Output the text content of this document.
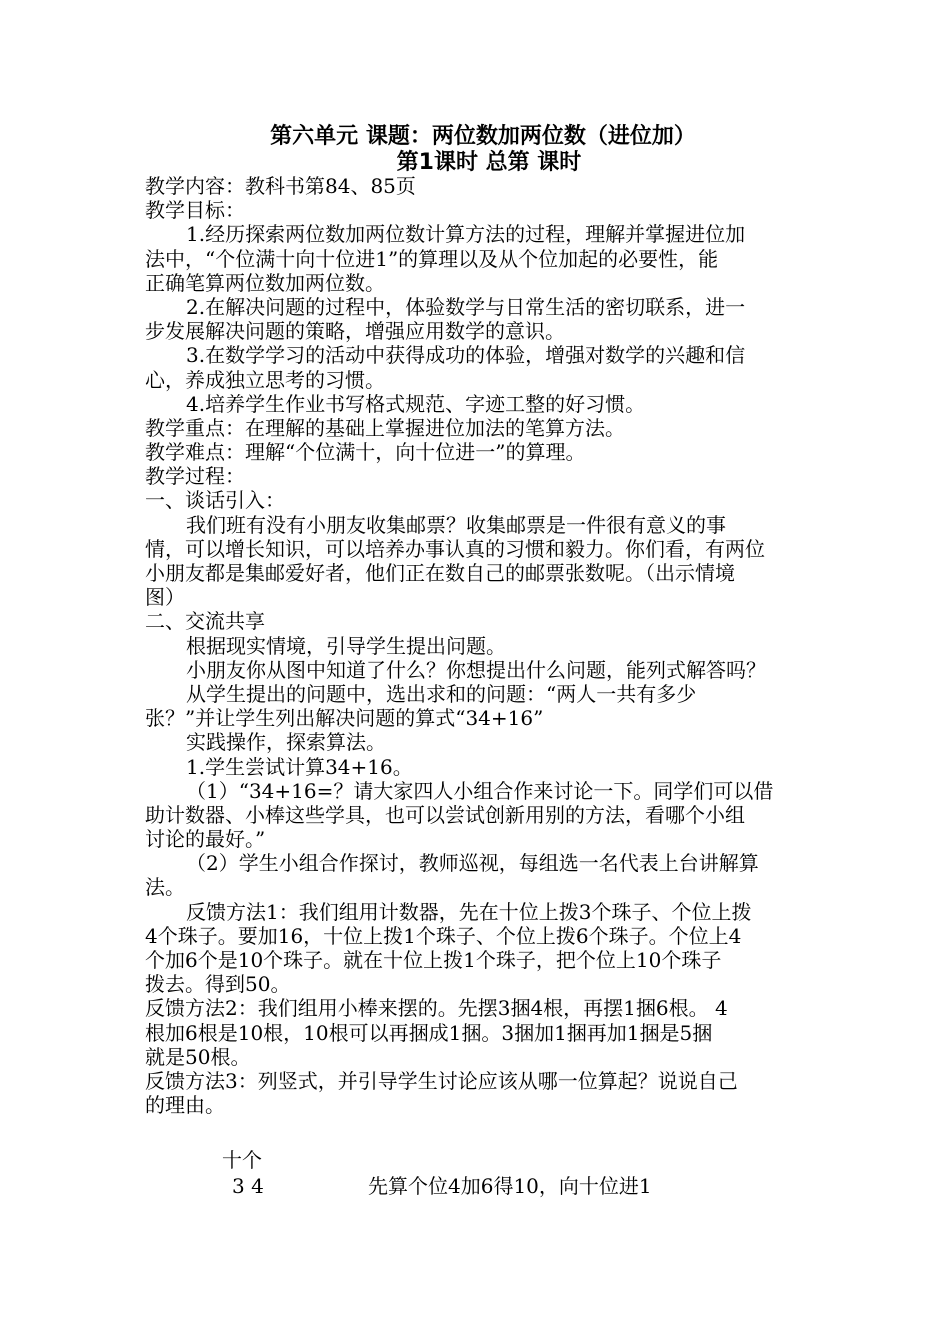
第六单元 课题：两位数加两位数（进位加）
第1课时 总第 课时
教学内容：教科书第84、85页
教学目标：
1.经历探索两位数加两位数计算方法的过程，理解并掌握进位加
法中，“个位满十向十位进1”的算理以及从个位加起的必要性，能
正确笔算两位数加两位数。
2.在解决问题的过程中，体验数学与日常生活的密切联系，进一
步发展解决问题的策略，增强应用数学的意识。
3.在数学学习的活动中获得成功的体验，增强对数学的兴趣和信
心，养成独立思考的习惯。
4.培养学生作业书写格式规范、字迹工整的好习惯。
教学重点：在理解的基础上掌握进位加法的笔算方法。
教学难点：理解“个位满十，向十位进一”的算理。
教学过程：
一、谈话引入：
我们班有没有小朋友收集邮票？收集邮票是一件很有意义的事
情，可以增长知识，可以培养办事认真的习惯和毅力。你们看，有两位
小朋友都是集邮爱好者，他们正在数自己的邮票张数呢。（出示情境
图）
二、交流共享
根据现实情境，引导学生提出问题。
小朋友你从图中知道了什么？你想提出什么问题，能列式解答吗？
从学生提出的问题中，选出求和的问题：“两人一共有多少
张？”并让学生列出解决问题的算式“34+16”
实践操作，探索算法。
1.学生尝试计算34+16。
（1）“34+16=？请大家四人小组合作来讨论一下。同学们可以借
助计数器、小棒这些学具，也可以尝试创新用别的方法，看哪个小组
讨论的最好。”
（2）学生小组合作探讨，教师巡视，每组选一名代表上台讲解算
法。
反馈方法1：我们组用计数器，先在十位上拨3个珠子、个位上拨
4个珠子。要加16，十位上拨1个珠子、个位上拨6个珠子。个位上4
个加6个是10个珠子。就在十位上拨1个珠子，把个位上10个珠子
拨去。得到50。
反馈方法2：我们组用小棒来摆的。先摆3捆4根，再摆1捆6根。 4
根加6根是10根，10根可以再捆成1捆。3捆加1捆再加1捆是5捆
就是50根。
反馈方法3：列竖式，并引导学生讨论应该从哪一位算起？说说自己
的理由。
十个
3 4	先算个位4加6得10，向十位进1
